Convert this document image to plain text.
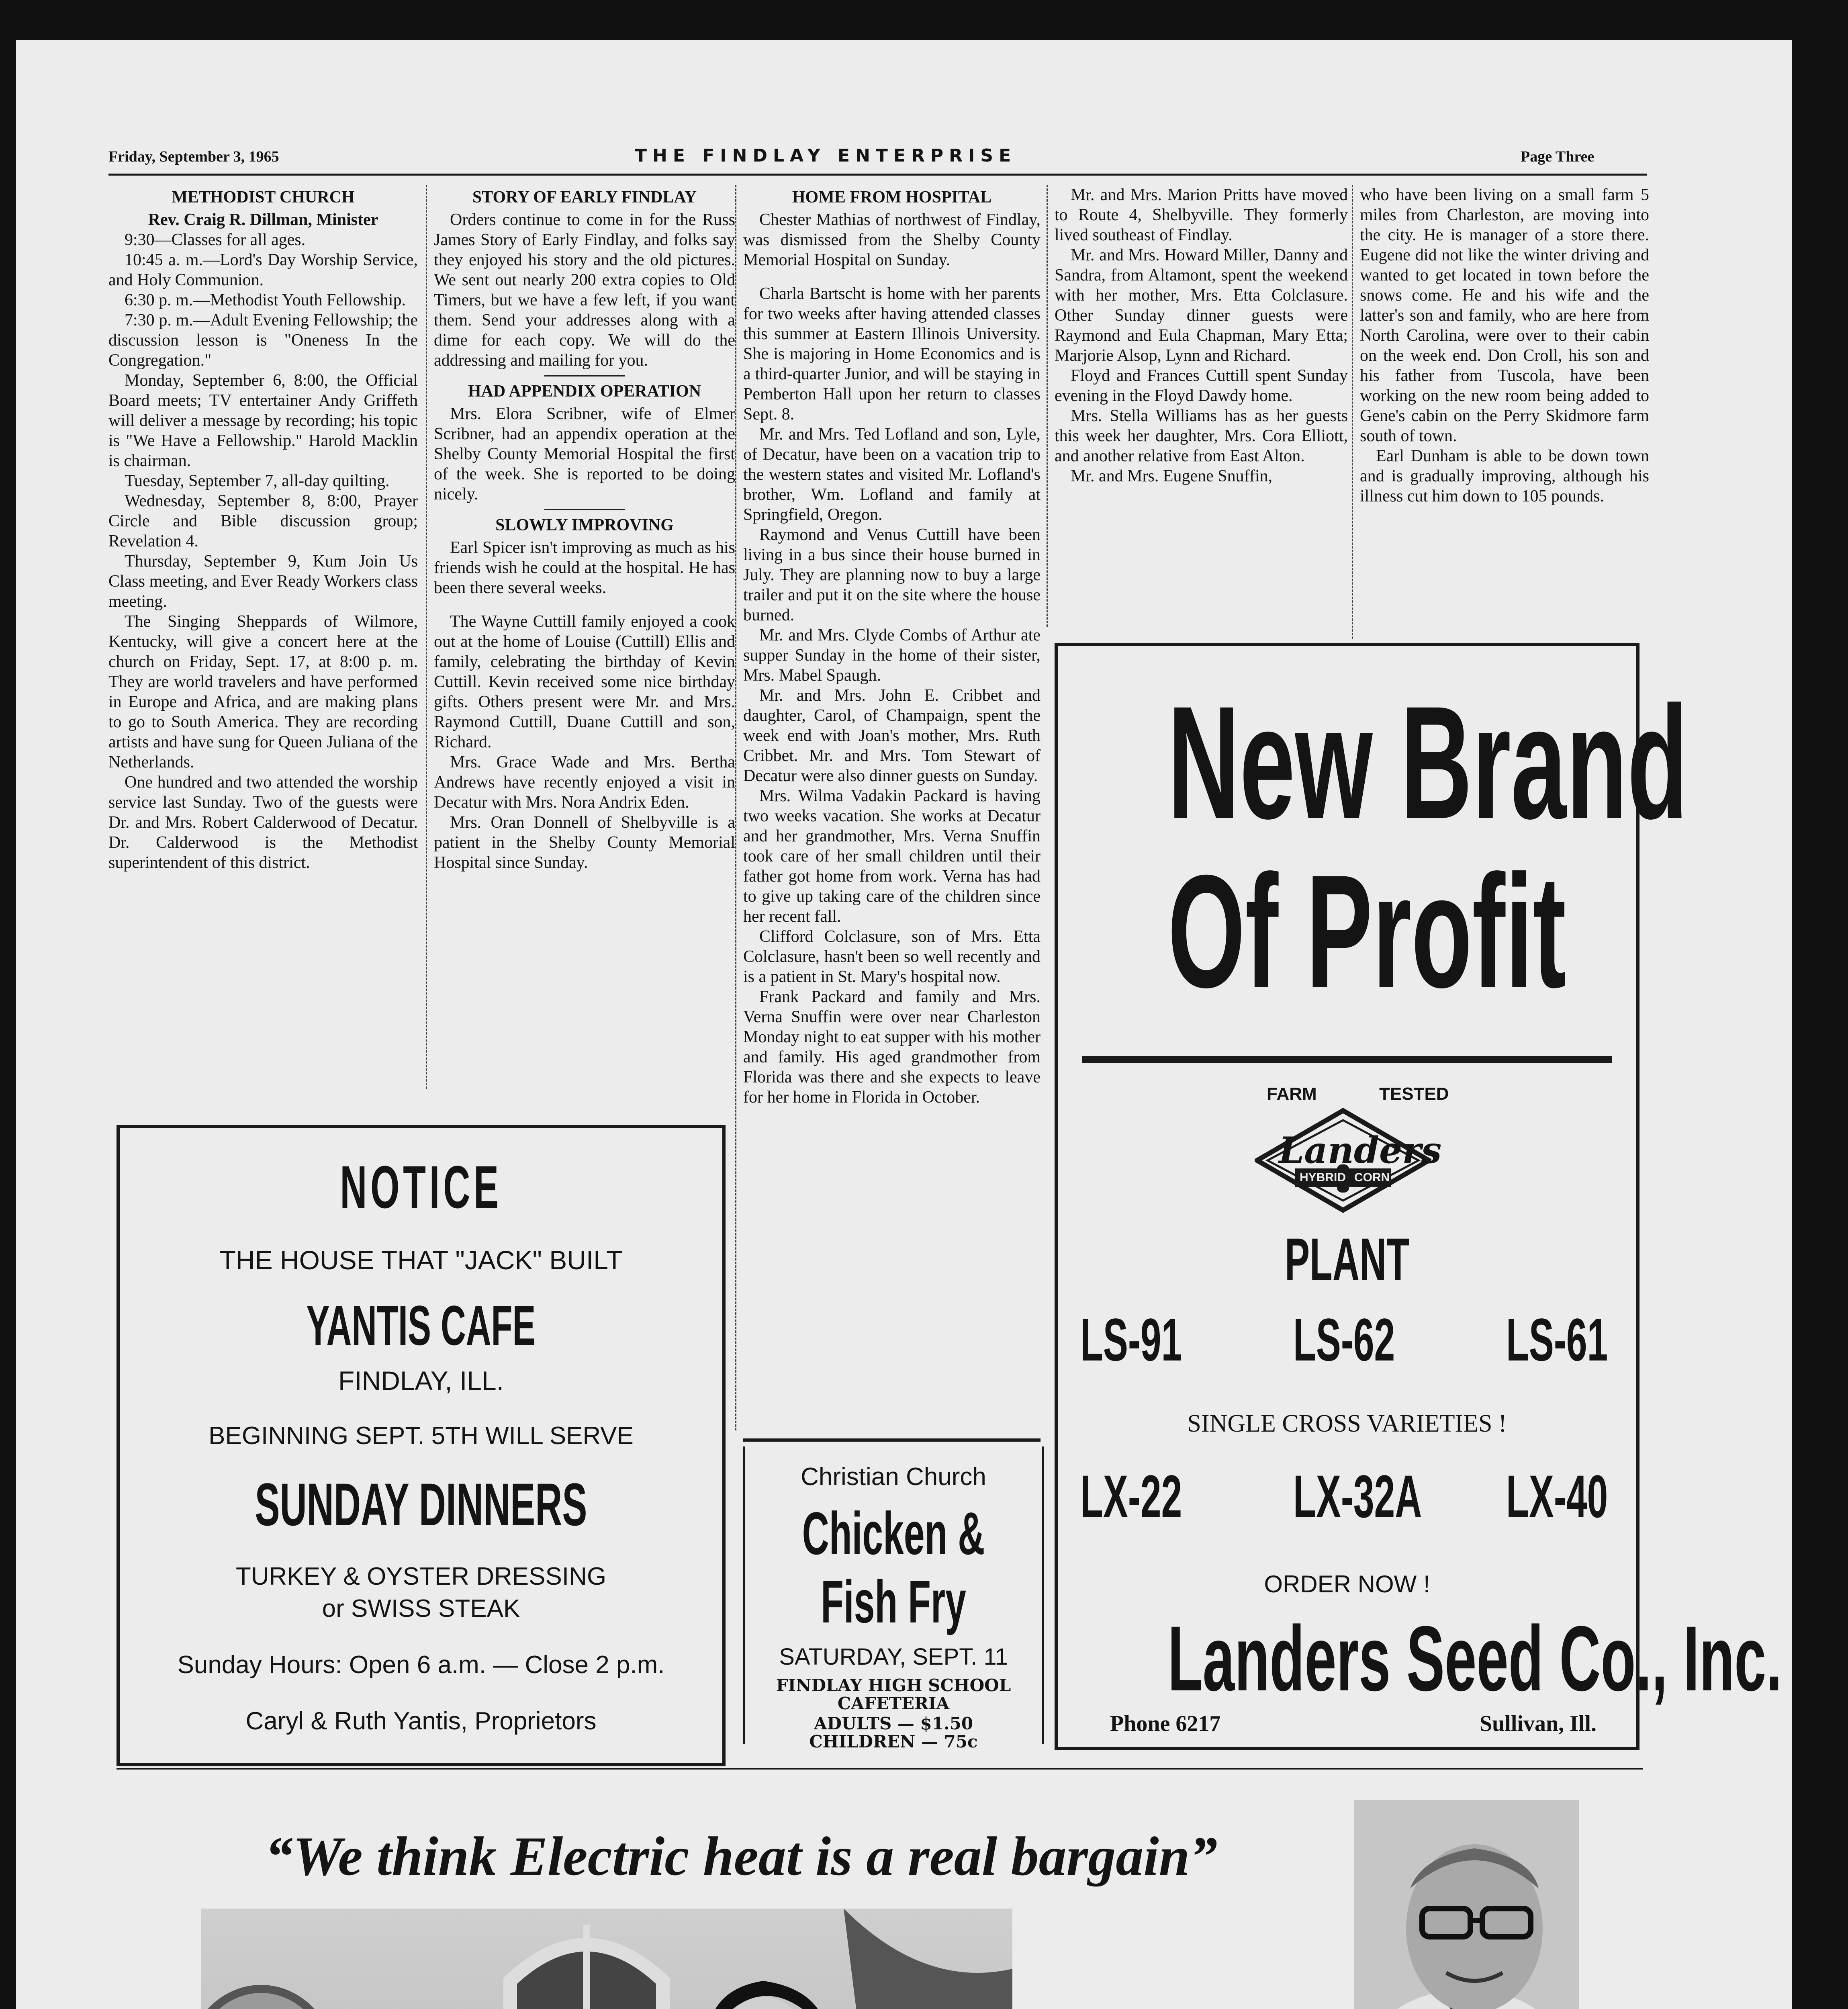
Friday, September 3, 1965	THE FINDLAY ENTERPRISE	Page Three
METHODIST CHURCH

Rev. Craig R. Dillman, Minister

9:30—Classes for all ages.

10:45 a. m.—Lord's Day Worship Service, and Holy Communion.

6:30 p. m.—Methodist Youth Fellowship.

7:30 p. m.—Adult Evening Fellowship; the discussion lesson is "Oneness In the Congregation."

Monday, September 6, 8:00, the Official Board meets; TV entertainer Andy Griffeth will deliver a message by recording; his topic is "We Have a Fellowship." Harold Macklin is chairman.

Tuesday, September 7, all-day quilting.

Wednesday, September 8, 8:00, Prayer Circle and Bible discussion group; Revelation 4.

Thursday, September 9, Kum Join Us Class meeting, and Ever Ready Workers class meeting.

The Singing Sheppards of Wilmore, Kentucky, will give a concert here at the church on Friday, Sept. 17, at 8:00 p. m. They are world travelers and have performed in Europe and Africa, and are making plans to go to South America. They are recording artists and have sung for Queen Juliana of the Netherlands.

One hundred and two attended the worship service last Sunday. Two of the guests were Dr. and Mrs. Robert Calderwood of Decatur. Dr. Calderwood is the Methodist superintendent of this district.

STORY OF EARLY FINDLAY

Orders continue to come in for the Russ James Story of Early Findlay, and folks say they enjoyed his story and the old pictures. We sent out nearly 200 extra copies to Old Timers, but we have a few left, if you want them. Send your addresses along with a dime for each copy. We will do the addressing and mailing for you.

HAD APPENDIX OPERATION

Mrs. Elora Scribner, wife of Elmer Scribner, had an appendix operation at the Shelby County Memorial Hospital the first of the week. She is reported to be doing nicely.

SLOWLY IMPROVING

Earl Spicer isn't improving as much as his friends wish he could at the hospital. He has been there several weeks.

The Wayne Cuttill family enjoyed a cook out at the home of Louise (Cuttill) Ellis and family, celebrating the birthday of Kevin Cuttill. Kevin received some nice birthday gifts. Others present were Mr. and Mrs. Raymond Cuttill, Duane Cuttill and son, Richard.

Mrs. Grace Wade and Mrs. Bertha Andrews have recently enjoyed a visit in Decatur with Mrs. Nora Andrix Eden.

Mrs. Oran Donnell of Shelbyville is a patient in the Shelby County Memorial Hospital since Sunday.

HOME FROM HOSPITAL

Chester Mathias of northwest of Findlay, was dismissed from the Shelby County Memorial Hospital on Sunday.

Charla Bartscht is home with her parents for two weeks after having attended classes this summer at Eastern Illinois University. She is majoring in Home Economics and is a third-quarter Junior, and will be staying in Pemberton Hall upon her return to classes Sept. 8.

Mr. and Mrs. Ted Lofland and son, Lyle, of Decatur, have been on a vacation trip to the western states and visited Mr. Lofland's brother, Wm. Lofland and family at Springfield, Oregon.

Raymond and Venus Cuttill have been living in a bus since their house burned in July. They are planning now to buy a large trailer and put it on the site where the house burned.

Mr. and Mrs. Clyde Combs of Arthur ate supper Sunday in the home of their sister, Mrs. Mabel Spaugh.

Mr. and Mrs. John E. Cribbet and daughter, Carol, of Champaign, spent the week end with Joan's mother, Mrs. Ruth Cribbet. Mr. and Mrs. Tom Stewart of Decatur were also dinner guests on Sunday.

Mrs. Wilma Vadakin Packard is having two weeks vacation. She works at Decatur and her grandmother, Mrs. Verna Snuffin took care of her small children until their father got home from work. Verna has had to give up taking care of the children since her recent fall.

Clifford Colclasure, son of Mrs. Etta Colclasure, hasn't been so well recently and is a patient in St. Mary's hospital now.

Frank Packard and family and Mrs. Verna Snuffin were over near Charleston Monday night to eat supper with his mother and family. His aged grandmother from Florida was there and she expects to leave for her home in Florida in October.

Mr. and Mrs. Marion Pritts have moved to Route 4, Shelbyville. They formerly lived southeast of Findlay.

Mr. and Mrs. Howard Miller, Danny and Sandra, from Altamont, spent the weekend with her mother, Mrs. Etta Colclasure. Other Sunday dinner guests were Raymond and Eula Chapman, Mary Etta; Marjorie Alsop, Lynn and Richard.

Floyd and Frances Cuttill spent Sunday evening in the Floyd Dawdy home.

Mrs. Stella Williams has as her guests this week her daughter, Mrs. Cora Elliott, and another relative from East Alton.

Mr. and Mrs. Eugene Snuffin,

who have been living on a small farm 5 miles from Charleston, are moving into the city. He is manager of a store there. Eugene did not like the winter driving and wanted to get located in town before the snows come. He and his wife and the latter's son and family, who are here from North Carolina, were over to their cabin on the week end. Don Croll, his son and his father from Tuscola, have been working on the new room being added to Gene's cabin on the Perry Skidmore farm south of town.

Earl Dunham is able to be down town and is gradually improving, although his illness cut him down to 105 pounds.

New Brand
Of Profit
FARM	TESTED
Landers
HYBRID CORN
PLANT
LS-91 LS-62 LS-61
SINGLE CROSS VARIETIES !
LX-22 LX-32A LX-40
ORDER NOW !
Landers Seed Co., Inc.
Phone 6217	Sullivan, Ill.
NOTICE
THE HOUSE THAT "JACK" BUILT
YANTIS CAFE
FINDLAY, ILL.
BEGINNING SEPT. 5TH WILL SERVE
SUNDAY DINNERS
TURKEY & OYSTER DRESSING
or SWISS STEAK
Sunday Hours: Open 6 a.m. — Close 2 p.m.
Caryl & Ruth Yantis, Proprietors
Christian Church
Chicken &
Fish Fry
SATURDAY, SEPT. 11
FINDLAY HIGH SCHOOL
CAFETERIA
ADULTS — $1.50
CHILDREN — 75c
“We think Electric heat is a real bargain”
